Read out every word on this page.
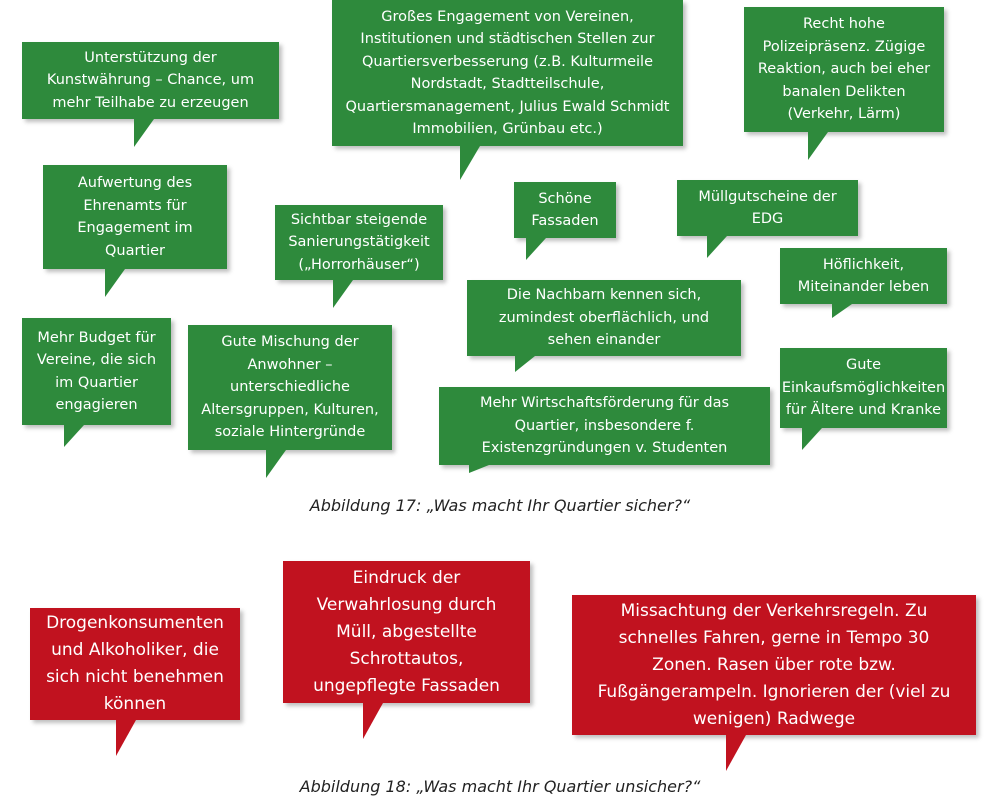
Unterstützung der
Kunstwährung – Chance, um
mehr Teilhabe zu erzeugen
Großes Engagement von Vereinen,
Institutionen und städtischen Stellen zur
Quartiersverbesserung (z.B. Kulturmeile
Nordstadt, Stadtteilschule,
Quartiersmanagement, Julius Ewald Schmidt
Immobilien, Grünbau etc.)
Recht hohe
Polizeipräsenz. Zügige
Reaktion, auch bei eher
banalen Delikten
(Verkehr, Lärm)
Aufwertung des
Ehrenamts für
Engagement im
Quartier
Sichtbar steigende
Sanierungstätigkeit
(„Horrorhäuser“)
Schöne
Fassaden
Müllgutscheine der
EDG
Höflichkeit,
Miteinander leben
Die Nachbarn kennen sich,
zumindest oberflächlich, und
sehen einander
Mehr Budget für
Vereine, die sich
im Quartier
engagieren
Gute Mischung der
Anwohner –
unterschiedliche
Altersgruppen, Kulturen,
soziale Hintergründe
Mehr Wirtschaftsförderung für das
Quartier, insbesondere f.
Existenzgründungen v. Studenten
Gute
Einkaufsmöglichkeiten
für Ältere und Kranke
Abbildung 17: „Was macht Ihr Quartier sicher?“
Drogenkonsumenten
und Alkoholiker, die
sich nicht benehmen
können
Eindruck der
Verwahrlosung durch
Müll, abgestellte
Schrottautos,
ungepflegte Fassaden
Missachtung der Verkehrsregeln. Zu
schnelles Fahren, gerne in Tempo 30
Zonen. Rasen über rote bzw.
Fußgängerampeln. Ignorieren der (viel zu
wenigen) Radwege
Abbildung 18: „Was macht Ihr Quartier unsicher?“
